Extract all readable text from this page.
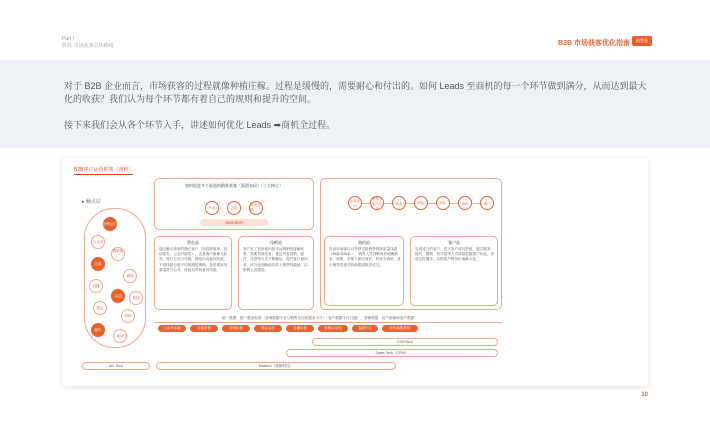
Part I
阶段·市场获客总体路线	B2B 市场获客优化指南	销售易

对于 B2B 企业而言，市场获客的过程就像种植庄稼。过程是缓慢的，需要耐心和付出的。如何 Leads 至商机的每一个环节做到满分，从而达到最大化的收获？我们认为每个环节都有着自己的规则和提升的空间。

接下来我们会从各个环节入手，讲述如何优化 Leads ➡商机全过程。

B2B客户运营框架（剖析）
▸ 触点层
官网官方
公众号
搜索推广
社群
微信
直播
活动
展会
短信
邮件
电话
其他
如何促进多个渠道的精准获客（渠道布局）（三大核心）
内容	活动
数字营销
SDR/BDR
潜在池
通过触点获取的潜在客户（如官网表单、活动报名、公众号留资），完善客户画像与标签，进行打分与分级，筛选出高意向线索，不同线索分配不同的跟进策略。及时做好线索清洗与合并，持续培育低意向线索。
待孵池
客户有了初步意向但未达到销售接触标准，需要持续培育。通过内容营销、邮件、社群等方式不断触达，提升客户意向度，评分达到阈值后转入销售线索池，由销售人员跟进。
市场团队
销售与客户成功
线索	MQL	SQL	商机	客户
商机池
经由市场部认可并移交给销售的高质量线索（MQL转SQL），销售人员判断具有明确需求、预算、决策人和时间后，转化为商机，进入销售管道并持续跟进推进成交。
客户池
完成成交的客户，进入客户成功阶段，通过服务、续约、增购、转介绍等方式持续挖掘客户价值，形成良性循环，实现客户终身价值最大化。
统一数据、统一服务标准（营销数据中台与销售自动化服务平台）（客户数据平台打通），营销数据、用户画像和客户数据
公众号运营	社群营销	官网运营	展会活动	直播运营	营销自动化	客服中心	在线客服系统
CDP/Tech
Sales Tech（CRM）
Martech（营销科技）
AD-Tech
10
